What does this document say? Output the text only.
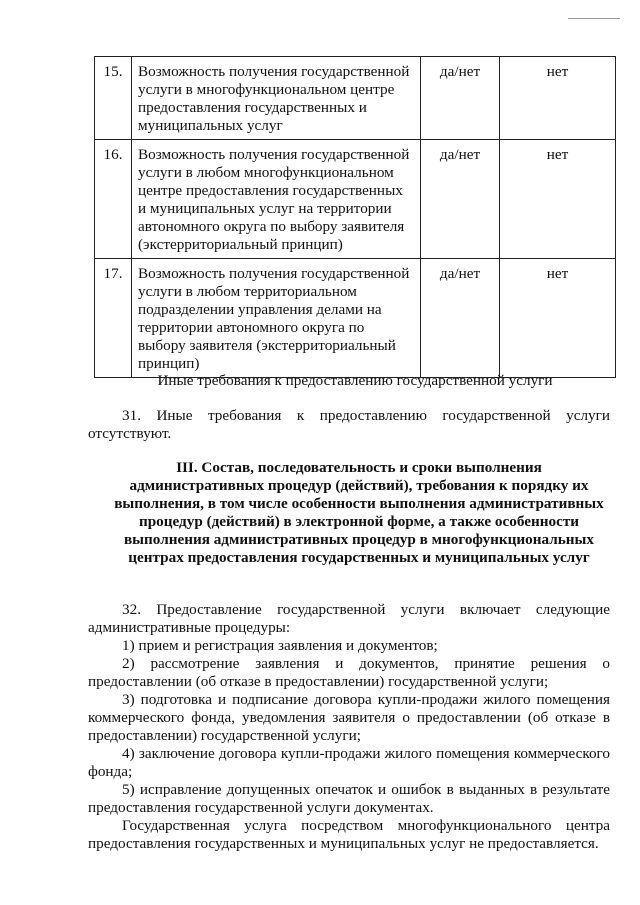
15.	Возможность получения государственной услуги в многофункциональном центре предоставления государственных и муниципальных услуг	да/нет	нет
16.	Возможность получения государственной услуги в любом многофункциональном центре предоставления государственных и муниципальных услуг на территории автономного округа по выбору заявителя (экстерриториальный принцип)	да/нет	нет
17.	Возможность получения государственной услуги в любом территориальном подразделении управления делами на территории автономного округа по выбору заявителя (экстерриториальный принцип)	да/нет	нет
Иные требования к предоставлению государственной услуги
31. Иные требования к предоставлению государственной услуги отсутствуют.
III. Состав, последовательность и сроки выполнения административных процедур (действий), требования к порядку их выполнения, в том числе особенности выполнения административных процедур (действий) в электронной форме, а также особенности выполнения административных процедур в многофункциональных центрах предоставления государственных и муниципальных услуг
32. Предоставление государственной услуги включает следующие административные процедуры:
1) прием и регистрация заявления и документов;
2) рассмотрение заявления и документов, принятие решения о предоставлении (об отказе в предоставлении) государственной услуги;
3) подготовка и подписание договора купли-продажи жилого помещения коммерческого фонда, уведомления заявителя о предоставлении (об отказе в предоставлении) государственной услуги;
4) заключение договора купли-продажи жилого помещения коммерческого фонда;
5) исправление допущенных опечаток и ошибок в выданных в результате предоставления государственной услуги документах.
Государственная услуга посредством многофункционального центра предоставления государственных и муниципальных услуг не предоставляется.
